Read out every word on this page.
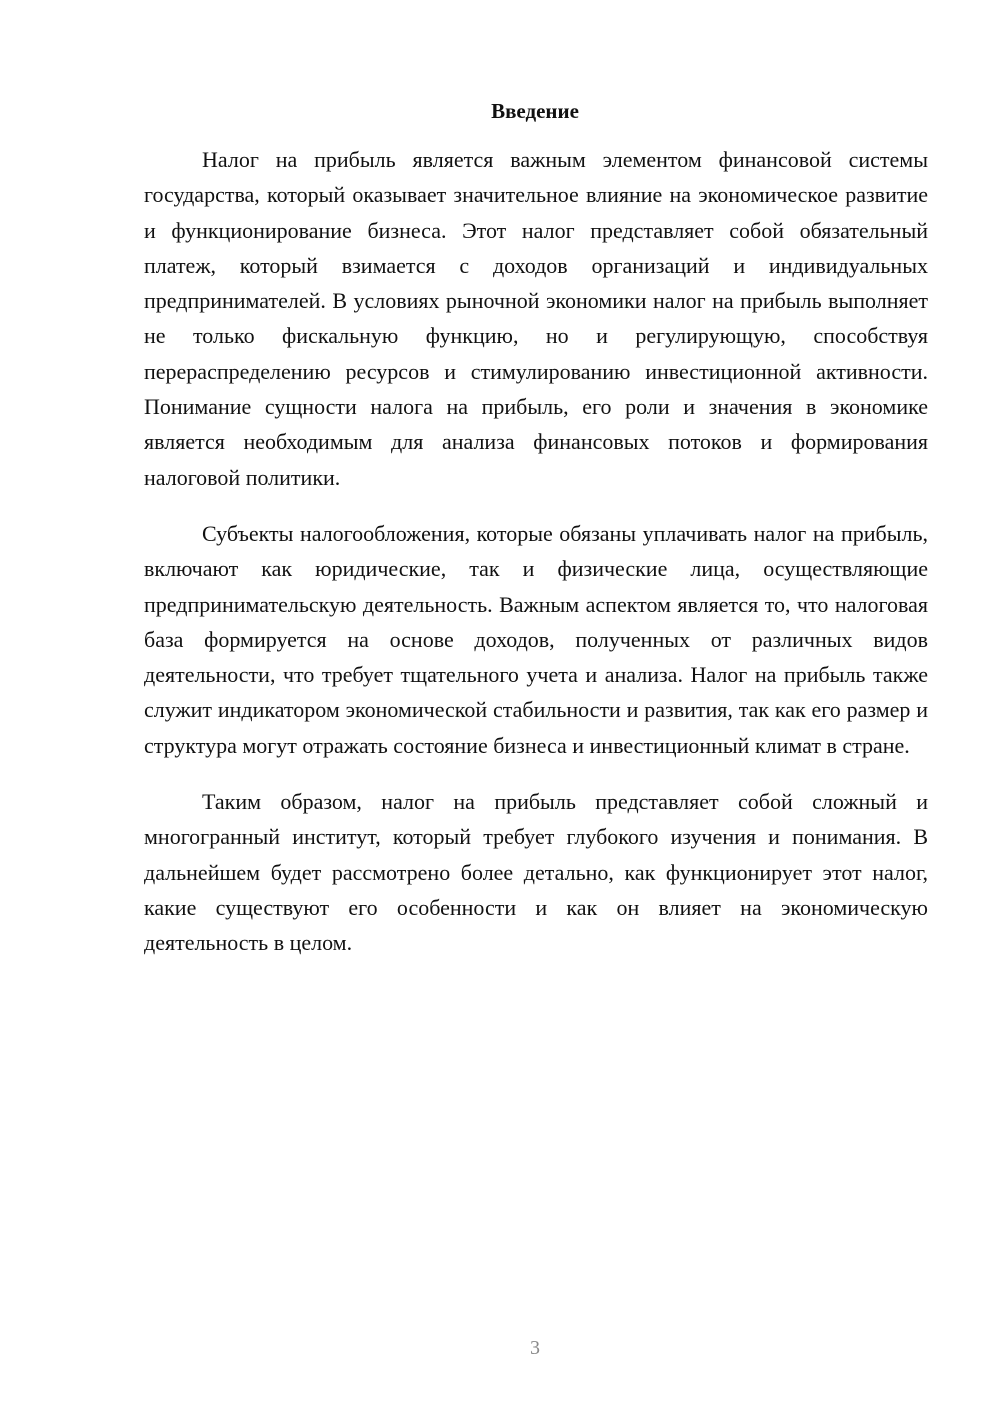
Введение

Налог на прибыль является важным элементом финансовой системы государства, который оказывает значительное влияние на экономическое развитие и функционирование бизнеса. Этот налог представляет собой обязательный платеж, который взимается с доходов организаций и индивидуальных предпринимателей. В условиях рыночной экономики налог на прибыль выполняет не только фискальную функцию, но и регулирующую, способствуя перераспределению ресурсов и стимулированию инвестиционной активности. Понимание сущности налога на прибыль, его роли и значения в экономике является необходимым для анализа финансовых потоков и формирования налоговой политики.

Субъекты налогообложения, которые обязаны уплачивать налог на прибыль, включают как юридические, так и физические лица, осуществляющие предпринимательскую деятельность. Важным аспектом является то, что налоговая база формируется на основе доходов, полученных от различных видов деятельности, что требует тщательного учета и анализа. Налог на прибыль также служит индикатором экономической стабильности и развития, так как его размер и структура могут отражать состояние бизнеса и инвестиционный климат в стране.

Таким образом, налог на прибыль представляет собой сложный и многогранный институт, который требует глубокого изучения и понимания. В дальнейшем будет рассмотрено более детально, как функционирует этот налог, какие существуют его особенности и как он влияет на экономическую деятельность в целом.

3
